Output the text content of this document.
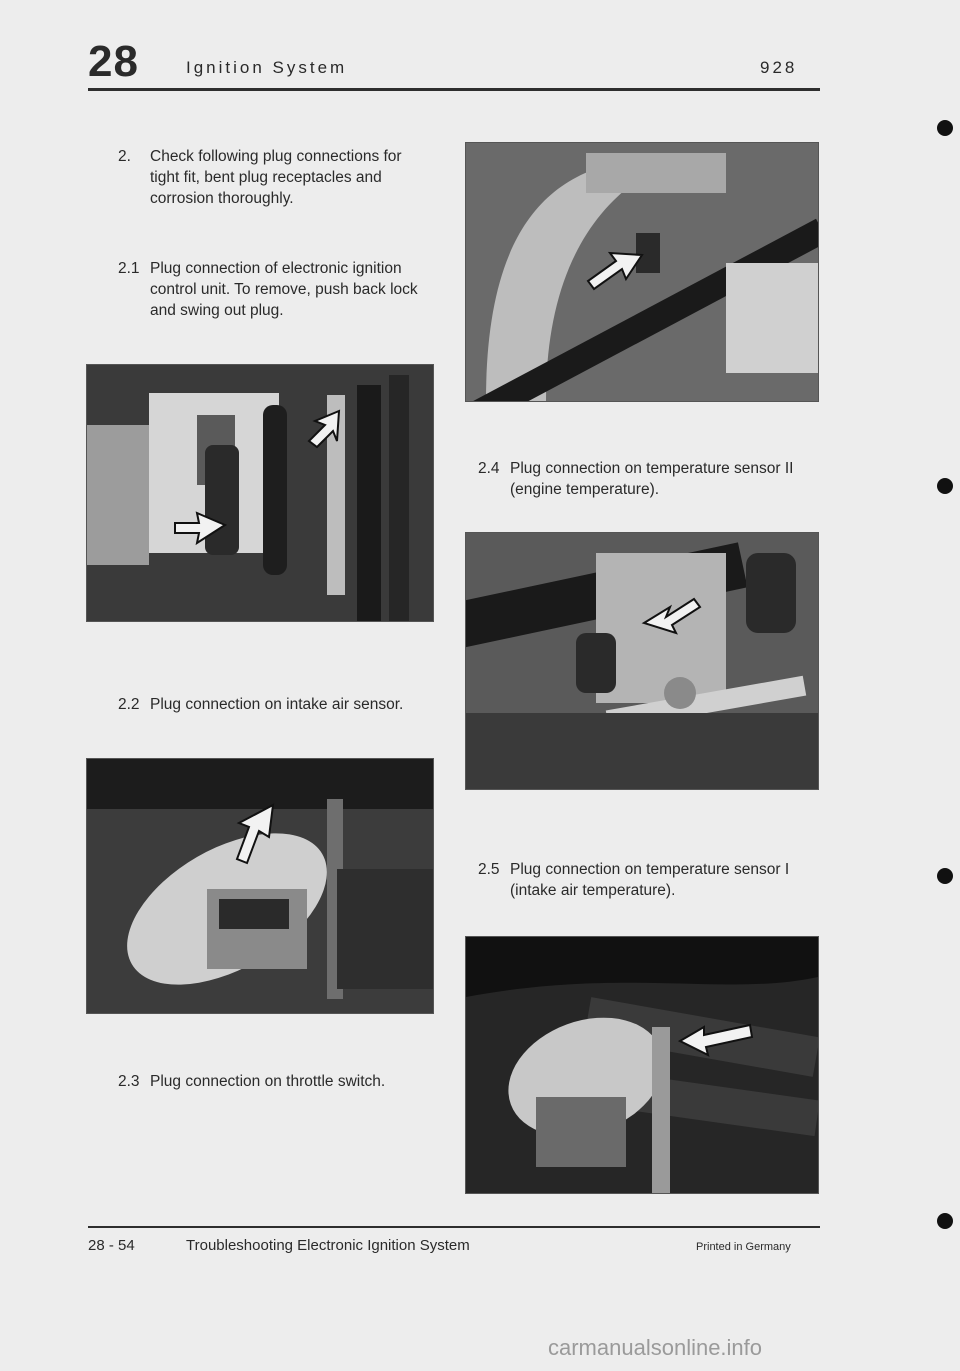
28	Ignition System	928
2. Check following plug connections for
tight fit, bent plug receptacles and
corrosion thoroughly.
2.1 Plug connection of electronic ignition
control unit. To remove, push back lock
and swing out plug.
2.2 Plug connection on intake air sensor.
2.3 Plug connection on throttle switch.
2.4 Plug connection on temperature sensor II
(engine temperature).
2.5 Plug connection on temperature sensor I
(intake air temperature).
28 - 54	Troubleshooting Electronic Ignition System	Printed in Germany
carmanualsonline.info
